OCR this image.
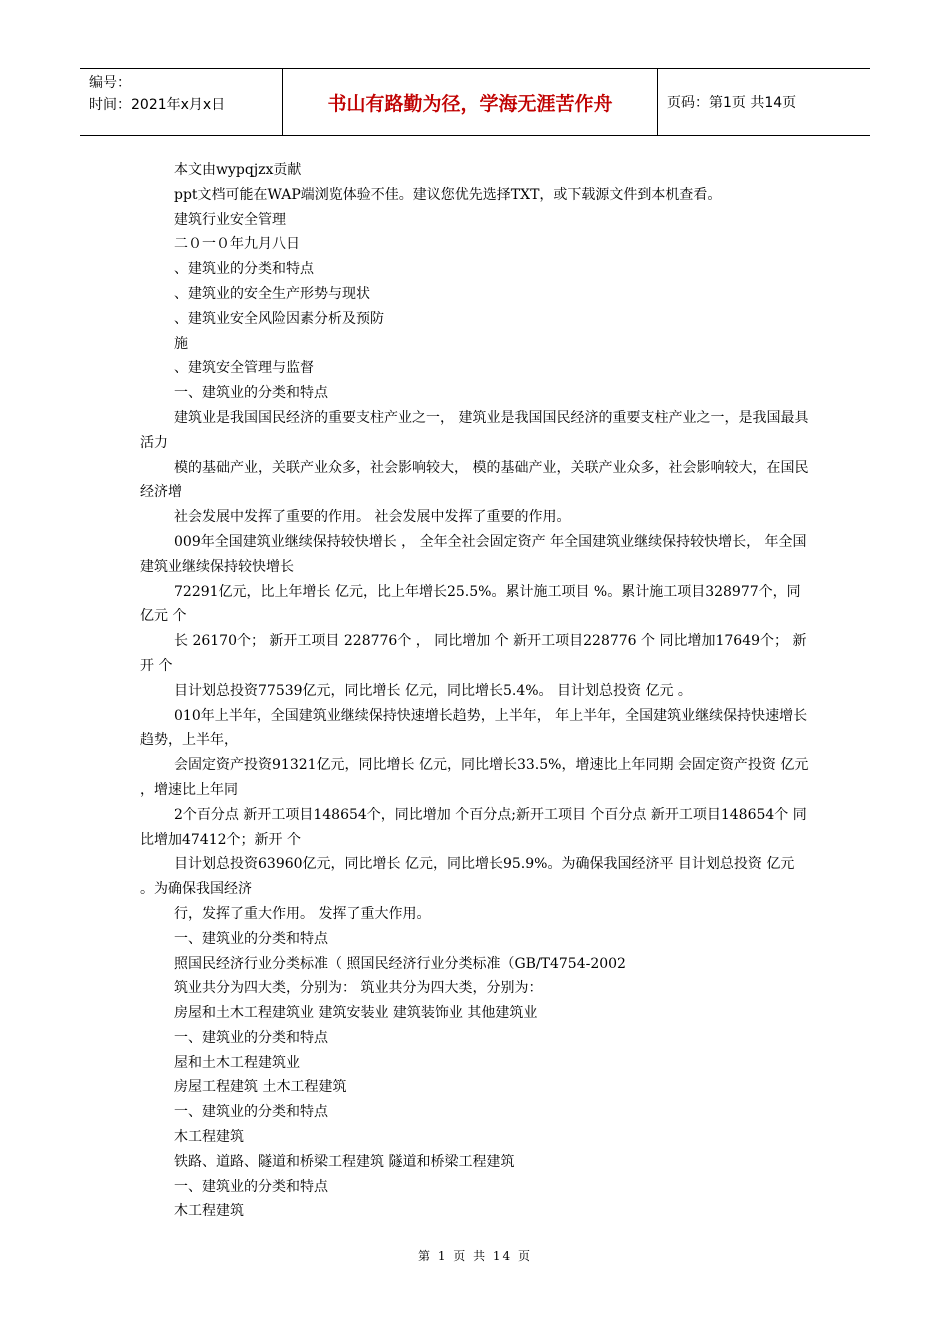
编号：
时间：2021年x月x日	书山有路勤为径，学海无涯苦作舟	页码：第1页 共14页

本文由wypqjzx贡献

ppt文档可能在WAP端浏览体验不佳。建议您优先选择TXT，或下载源文件到本机查看。

建筑行业安全管理

二０一０年九月八日

、建筑业的分类和特点

、建筑业的安全生产形势与现状

、建筑业安全风险因素分析及预防

施

、建筑安全管理与监督

一、建筑业的分类和特点

建筑业是我国国民经济的重要支柱产业之一， 建筑业是我国国民经济的重要支柱产业之一，是我国最具活力

模的基础产业，关联产业众多，社会影响较大， 模的基础产业，关联产业众多，社会影响较大，在国民经济增

社会发展中发挥了重要的作用。 社会发展中发挥了重要的作用。

009年全国建筑业继续保持较快增长 ， 全年全社会固定资产 年全国建筑业继续保持较快增长， 年全国建筑业继续保持较快增长

72291亿元，比上年增长 亿元，比上年增长25.5%。累计施工项目 %。累计施工项目328977个，同 亿元 个

长 26170个； 新开工项目 228776个 ， 同比增加 个 新开工项目228776 个 同比增加17649个； 新开 个

目计划总投资77539亿元，同比增长 亿元，同比增长5.4%。 目计划总投资 亿元 。

010年上半年，全国建筑业继续保持快速增长趋势，上半年， 年上半年，全国建筑业继续保持快速增长趋势，上半年，

会固定资产投资91321亿元，同比增长 亿元，同比增长33.5%，增速比上年同期 会固定资产投资 亿元 ，增速比上年同

2个百分点 新开工项目148654个，同比增加 个百分点;新开工项目 个百分点 新开工项目148654个 同比增加47412个；新开 个

目计划总投资63960亿元，同比增长 亿元，同比增长95.9%。为确保我国经济平 目计划总投资 亿元 。为确保我国经济

行，发挥了重大作用。 发挥了重大作用。

一、建筑业的分类和特点

照国民经济行业分类标准（ 照国民经济行业分类标准（GB/T4754-2002

筑业共分为四大类，分别为： 筑业共分为四大类，分别为：

房屋和土木工程建筑业 建筑安装业 建筑装饰业 其他建筑业

一、建筑业的分类和特点

屋和土木工程建筑业

房屋工程建筑 土木工程建筑

一、建筑业的分类和特点

木工程建筑

铁路、道路、隧道和桥梁工程建筑 隧道和桥梁工程建筑

一、建筑业的分类和特点

木工程建筑

第 1 页 共 14 页
